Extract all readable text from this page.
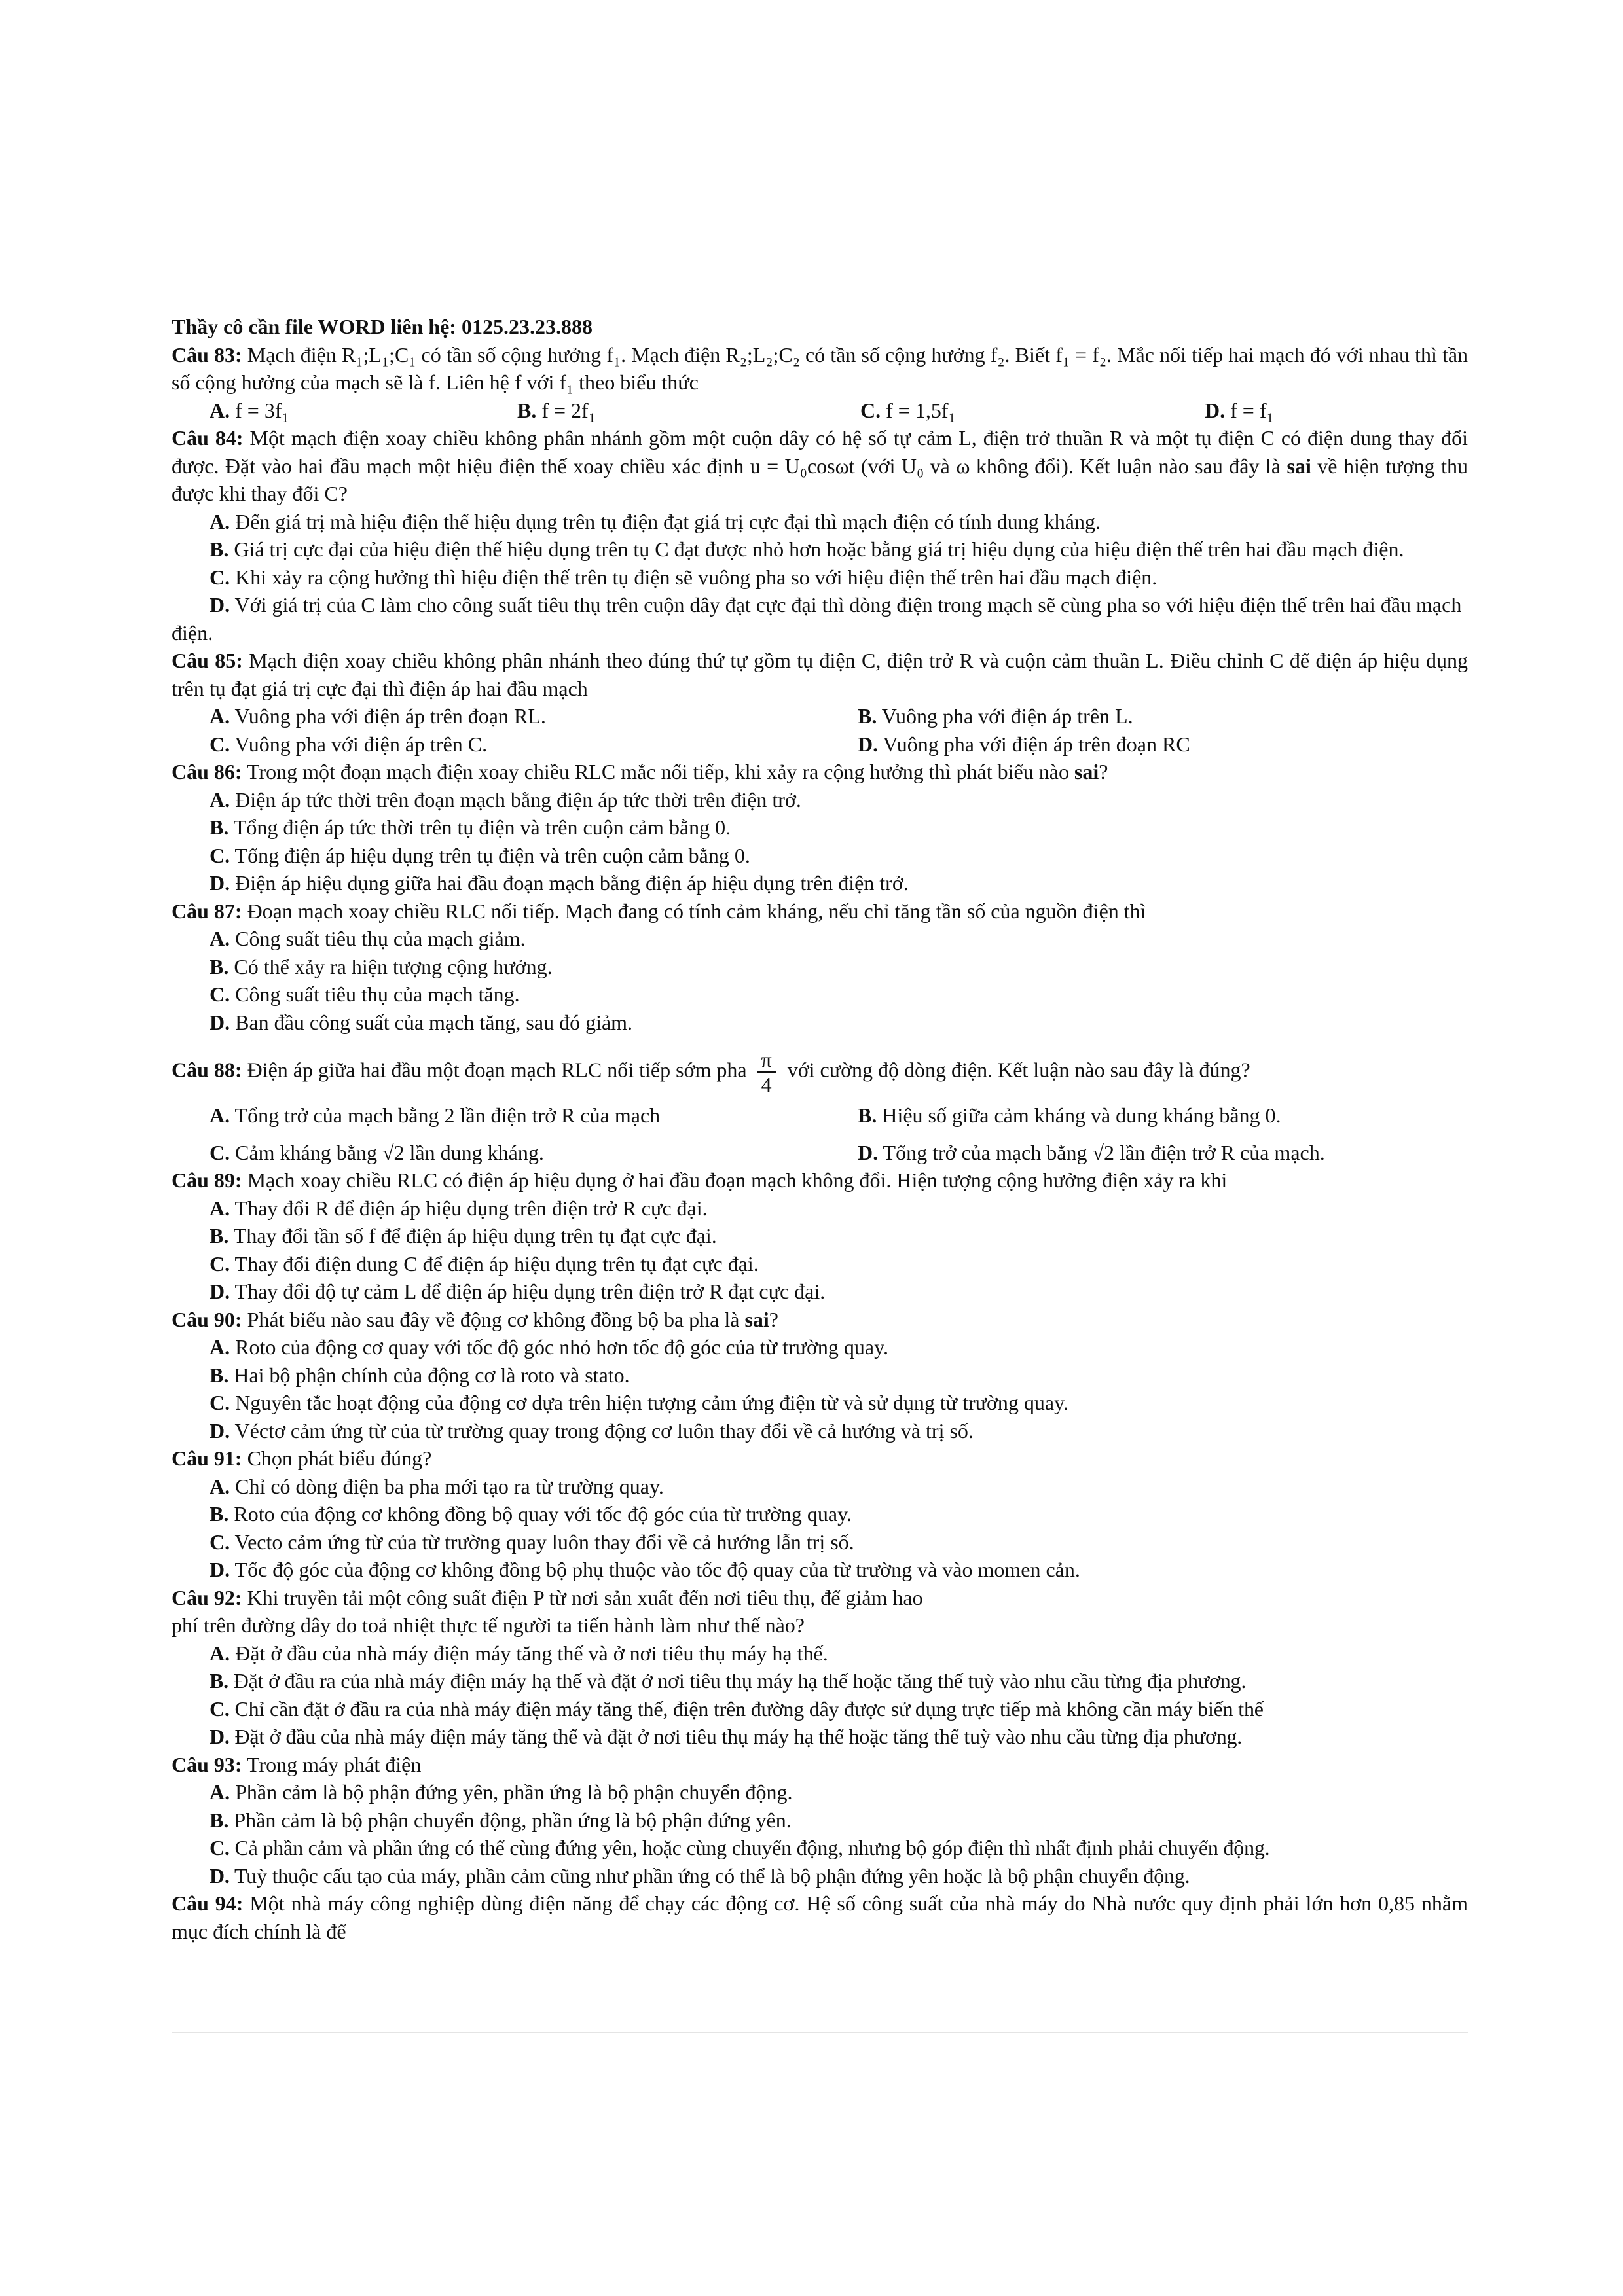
Thầy cô cần file WORD liên hệ: 0125.23.23.888

Câu 83: Mạch điện R₁;L₁;C₁ có tần số cộng hưởng f₁. Mạch điện R₂;L₂;C₂ có tần số cộng hưởng f₂. Biết f₁ = f₂. Mắc nối tiếp hai mạch đó với nhau thì tần số cộng hưởng của mạch sẽ là f. Liên hệ f với f₁ theo biểu thức

A. f = 3f₁	B. f = 2f₁	C. f = 1,5f₁	D. f = f₁

Câu 84: Một mạch điện xoay chiều không phân nhánh gồm một cuộn dây có hệ số tự cảm L, điện trở thuần R và một tụ điện C có điện dung thay đổi được. Đặt vào hai đầu mạch một hiệu điện thế xoay chiều xác định u = U₀cosωt (với U₀ và ω không đổi). Kết luận nào sau đây là sai về hiện tượng thu được khi thay đổi C?

A. Đến giá trị mà hiệu điện thế hiệu dụng trên tụ điện đạt giá trị cực đại thì mạch điện có tính dung kháng.

B. Giá trị cực đại của hiệu điện thế hiệu dụng trên tụ C đạt được nhỏ hơn hoặc bằng giá trị hiệu dụng của hiệu điện thế trên hai đầu mạch điện.

C. Khi xảy ra cộng hưởng thì hiệu điện thế trên tụ điện sẽ vuông pha so với hiệu điện thế trên hai đầu mạch điện.

D. Với giá trị của C làm cho công suất tiêu thụ trên cuộn dây đạt cực đại thì dòng điện trong mạch sẽ cùng pha so với hiệu điện thế trên hai đầu mạch điện.

Câu 85: Mạch điện xoay chiều không phân nhánh theo đúng thứ tự gồm tụ điện C, điện trở R và cuộn cảm thuần L. Điều chỉnh C để điện áp hiệu dụng trên tụ đạt giá trị cực đại thì điện áp hai đầu mạch

A. Vuông pha với điện áp trên đoạn RL.	B. Vuông pha với điện áp trên L.
C. Vuông pha với điện áp trên C.	D. Vuông pha với điện áp trên đoạn RC

Câu 86: Trong một đoạn mạch điện xoay chiều RLC mắc nối tiếp, khi xảy ra cộng hưởng thì phát biểu nào sai?

A. Điện áp tức thời trên đoạn mạch bằng điện áp tức thời trên điện trở.

B. Tổng điện áp tức thời trên tụ điện và trên cuộn cảm bằng 0.

C. Tổng điện áp hiệu dụng trên tụ điện và trên cuộn cảm bằng 0.

D. Điện áp hiệu dụng giữa hai đầu đoạn mạch bằng điện áp hiệu dụng trên điện trở.

Câu 87: Đoạn mạch xoay chiều RLC nối tiếp. Mạch đang có tính cảm kháng, nếu chỉ tăng tần số của nguồn điện thì

A. Công suất tiêu thụ của mạch giảm.

B. Có thể xảy ra hiện tượng cộng hưởng.

C. Công suất tiêu thụ của mạch tăng.

D. Ban đầu công suất của mạch tăng, sau đó giảm.

Câu 88: Điện áp giữa hai đầu một đoạn mạch RLC nối tiếp sớm pha $\frac{\pi}{4}$ với cường độ dòng điện. Kết luận nào sau đây là đúng?

A. Tổng trở của mạch bằng 2 lần điện trở R của mạch	B. Hiệu số giữa cảm kháng và dung kháng bằng 0.
C. Cảm kháng bằng √2 lần dung kháng.	D. Tổng trở của mạch bằng √2 lần điện trở R của mạch.

Câu 89: Mạch xoay chiều RLC có điện áp hiệu dụng ở hai đầu đoạn mạch không đổi. Hiện tượng cộng hưởng điện xảy ra khi

A. Thay đổi R để điện áp hiệu dụng trên điện trở R cực đại.

B. Thay đổi tần số f để điện áp hiệu dụng trên tụ đạt cực đại.

C. Thay đổi điện dung C để điện áp hiệu dụng trên tụ đạt cực đại.

D. Thay đổi độ tự cảm L để điện áp hiệu dụng trên điện trở R đạt cực đại.

Câu 90: Phát biểu nào sau đây về động cơ không đồng bộ ba pha là sai?

A. Roto của động cơ quay với tốc độ góc nhỏ hơn tốc độ góc của từ trường quay.

B. Hai bộ phận chính của động cơ là roto và stato.

C. Nguyên tắc hoạt động của động cơ dựa trên hiện tượng cảm ứng điện từ và sử dụng từ trường quay.

D. Véctơ cảm ứng từ của từ trường quay trong động cơ luôn thay đổi về cả hướng và trị số.

Câu 91: Chọn phát biểu đúng?

A. Chỉ có dòng điện ba pha mới tạo ra từ trường quay.

B. Roto của động cơ không đồng bộ quay với tốc độ góc của từ trường quay.

C. Vecto cảm ứng từ của từ trường quay luôn thay đổi về cả hướng lẫn trị số.

D. Tốc độ góc của động cơ không đồng bộ phụ thuộc vào tốc độ quay của từ trường và vào momen cản.

Câu 92: Khi truyền tải một công suất điện P từ nơi sản xuất đến nơi tiêu thụ, để giảm hao

phí trên đường dây do toả nhiệt thực tế người ta tiến hành làm như thế nào?

A. Đặt ở đầu của nhà máy điện máy tăng thế và ở nơi tiêu thụ máy hạ thế.

B. Đặt ở đầu ra của nhà máy điện máy hạ thế và đặt ở nơi tiêu thụ máy hạ thế hoặc tăng thế tuỳ vào nhu cầu từng địa phương.

C. Chỉ cần đặt ở đầu ra của nhà máy điện máy tăng thế, điện trên đường dây được sử dụng trực tiếp mà không cần máy biến thế

D. Đặt ở đầu của nhà máy điện máy tăng thế và đặt ở nơi tiêu thụ máy hạ thế hoặc tăng thế tuỳ vào nhu cầu từng địa phương.

Câu 93: Trong máy phát điện

A. Phần cảm là bộ phận đứng yên, phần ứng là bộ phận chuyển động.

B. Phần cảm là bộ phận chuyển động, phần ứng là bộ phận đứng yên.

C. Cả phần cảm và phần ứng có thể cùng đứng yên, hoặc cùng chuyển động, nhưng bộ góp điện thì nhất định phải chuyển động.

D. Tuỳ thuộc cấu tạo của máy, phần cảm cũng như phần ứng có thể là bộ phận đứng yên hoặc là bộ phận chuyển động.

Câu 94: Một nhà máy công nghiệp dùng điện năng để chạy các động cơ. Hệ số công suất của nhà máy do Nhà nước quy định phải lớn hơn 0,85 nhằm mục đích chính là để
